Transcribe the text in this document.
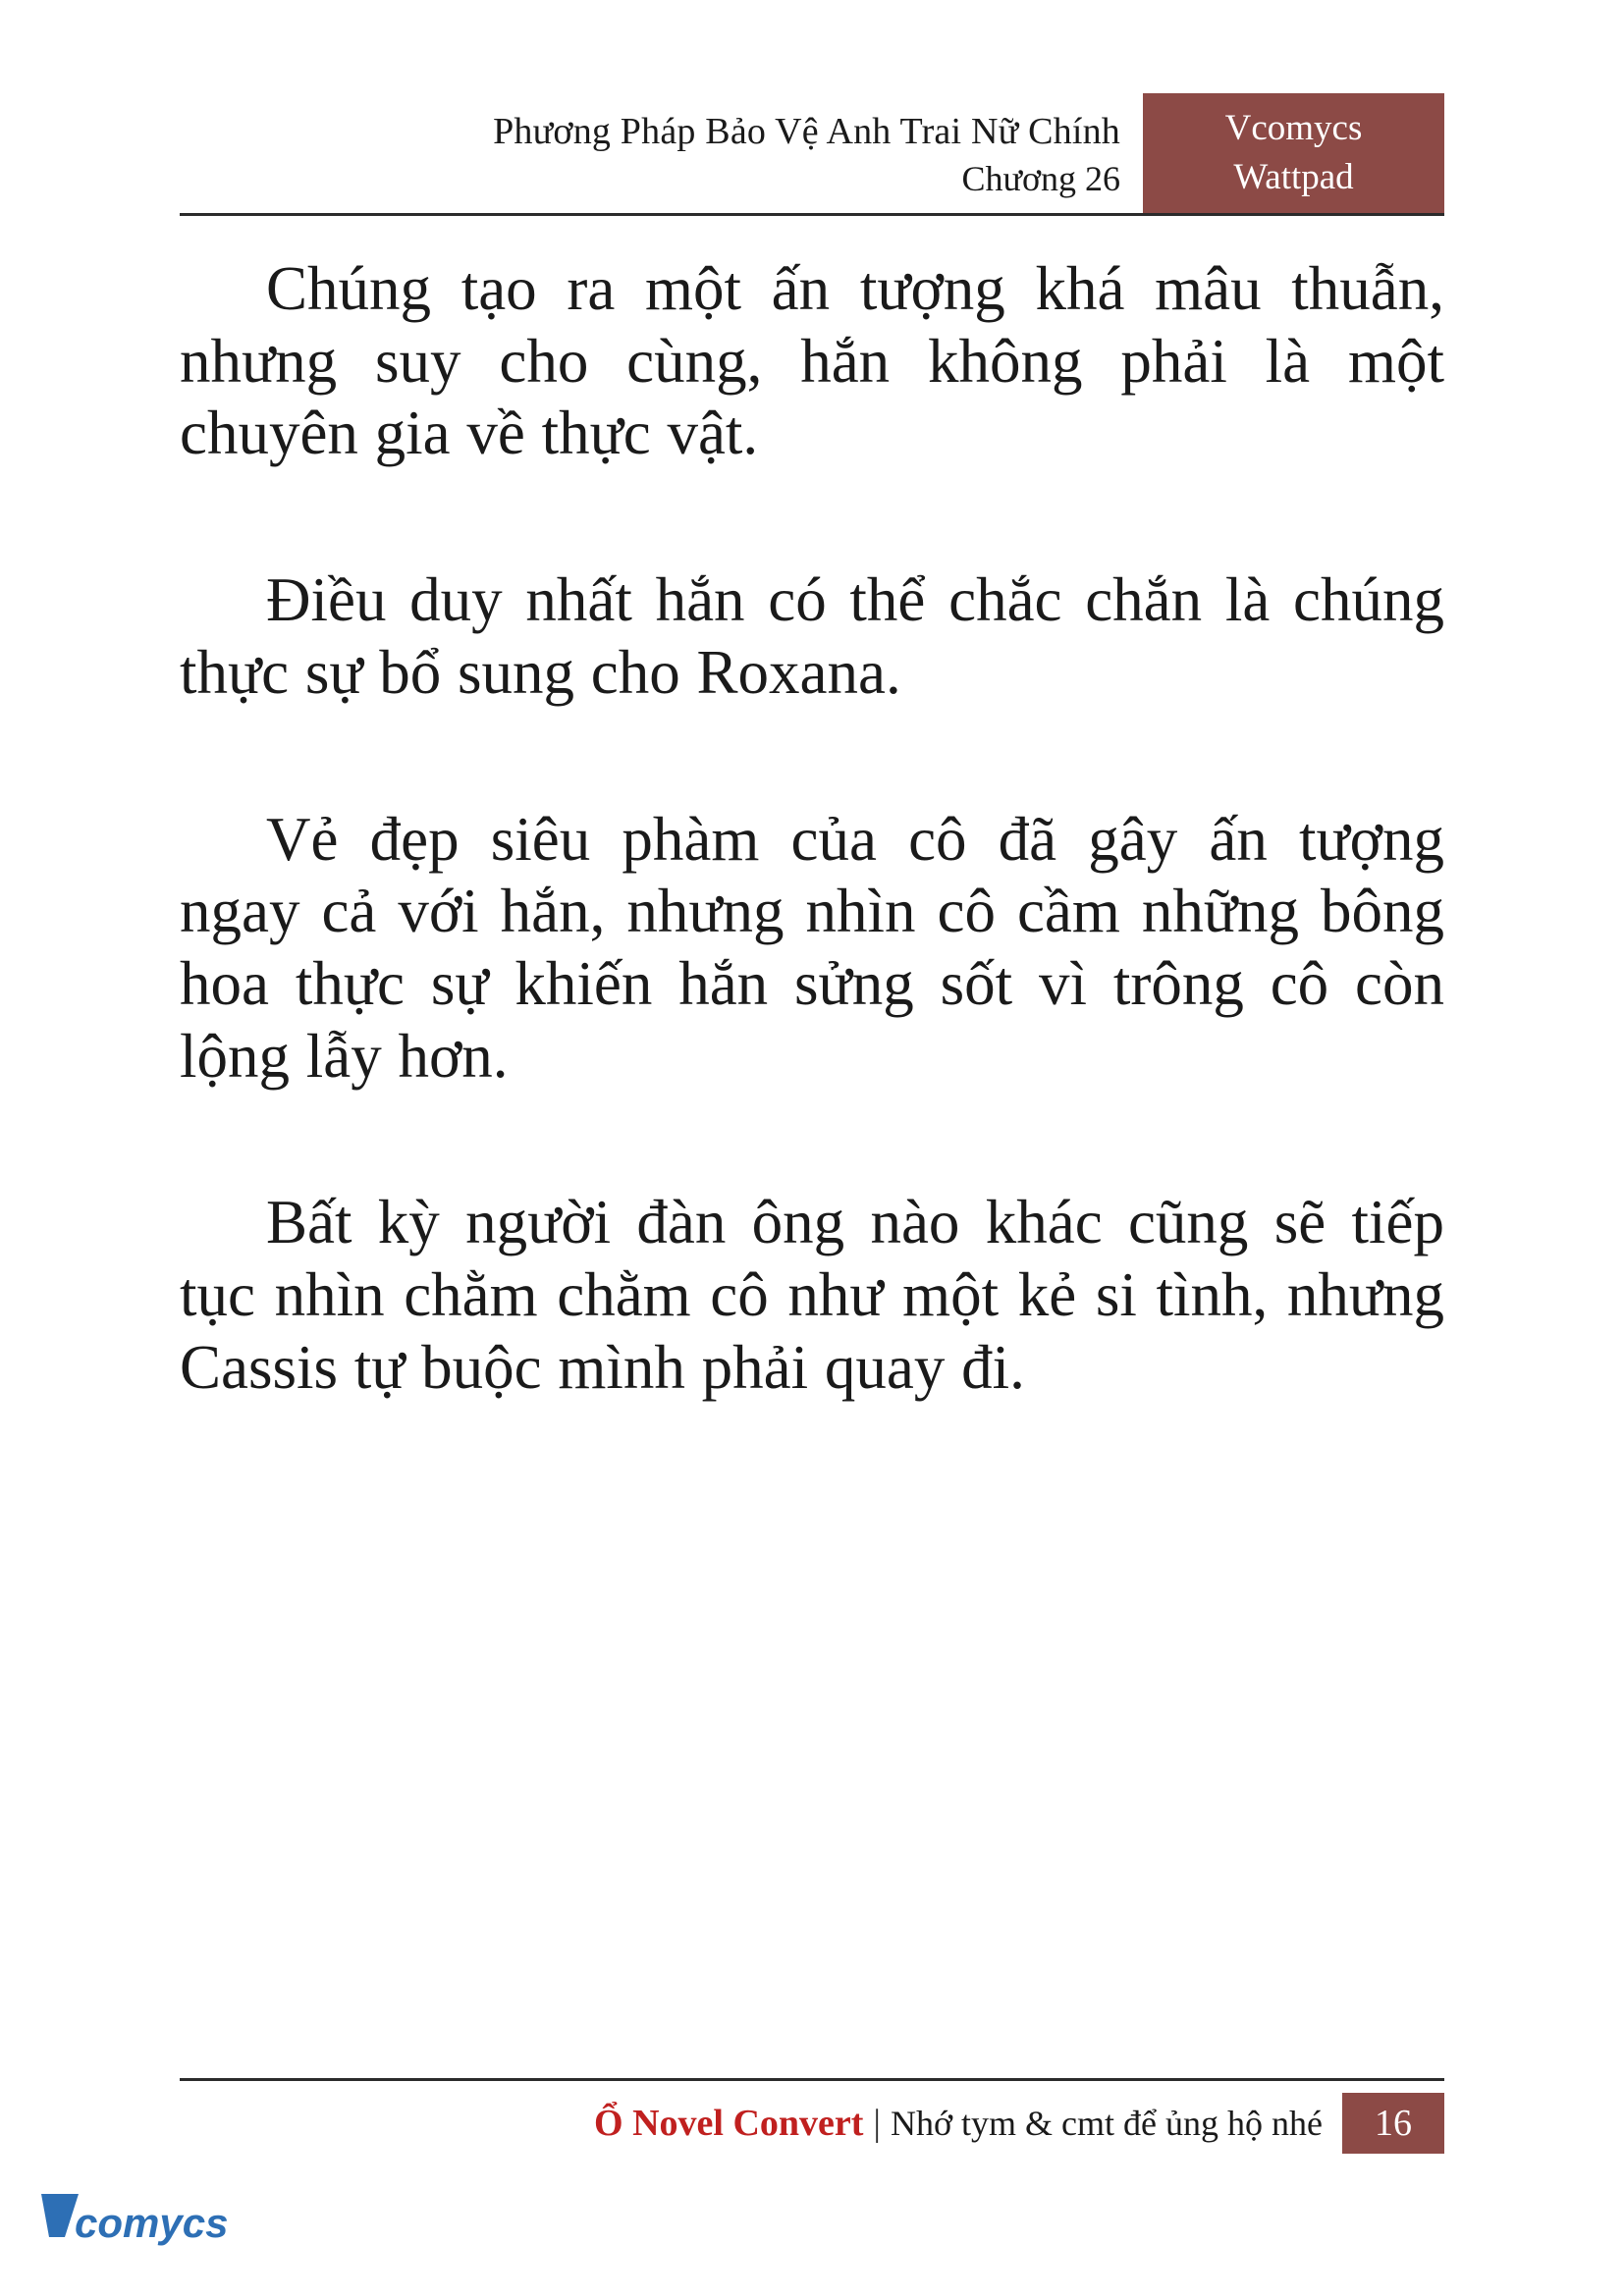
Phương Pháp Bảo Vệ Anh Trai Nữ Chính
Chương 26
Vcomycs
Wattpad

Chúng tạo ra một ấn tượng khá mâu thuẫn, nhưng suy cho cùng, hắn không phải là một chuyên gia về thực vật.

Điều duy nhất hắn có thể chắc chắn là chúng thực sự bổ sung cho Roxana.

Vẻ đẹp siêu phàm của cô đã gây ấn tượng ngay cả với hắn, nhưng nhìn cô cầm những bông hoa thực sự khiến hắn sửng sốt vì trông cô còn lộng lẫy hơn.

Bất kỳ người đàn ông nào khác cũng sẽ tiếp tục nhìn chằm chằm cô như một kẻ si tình, nhưng Cassis tự buộc mình phải quay đi.

Ổ Novel Convert | Nhớ tym & cmt để ủng hộ nhé	16
comycs
